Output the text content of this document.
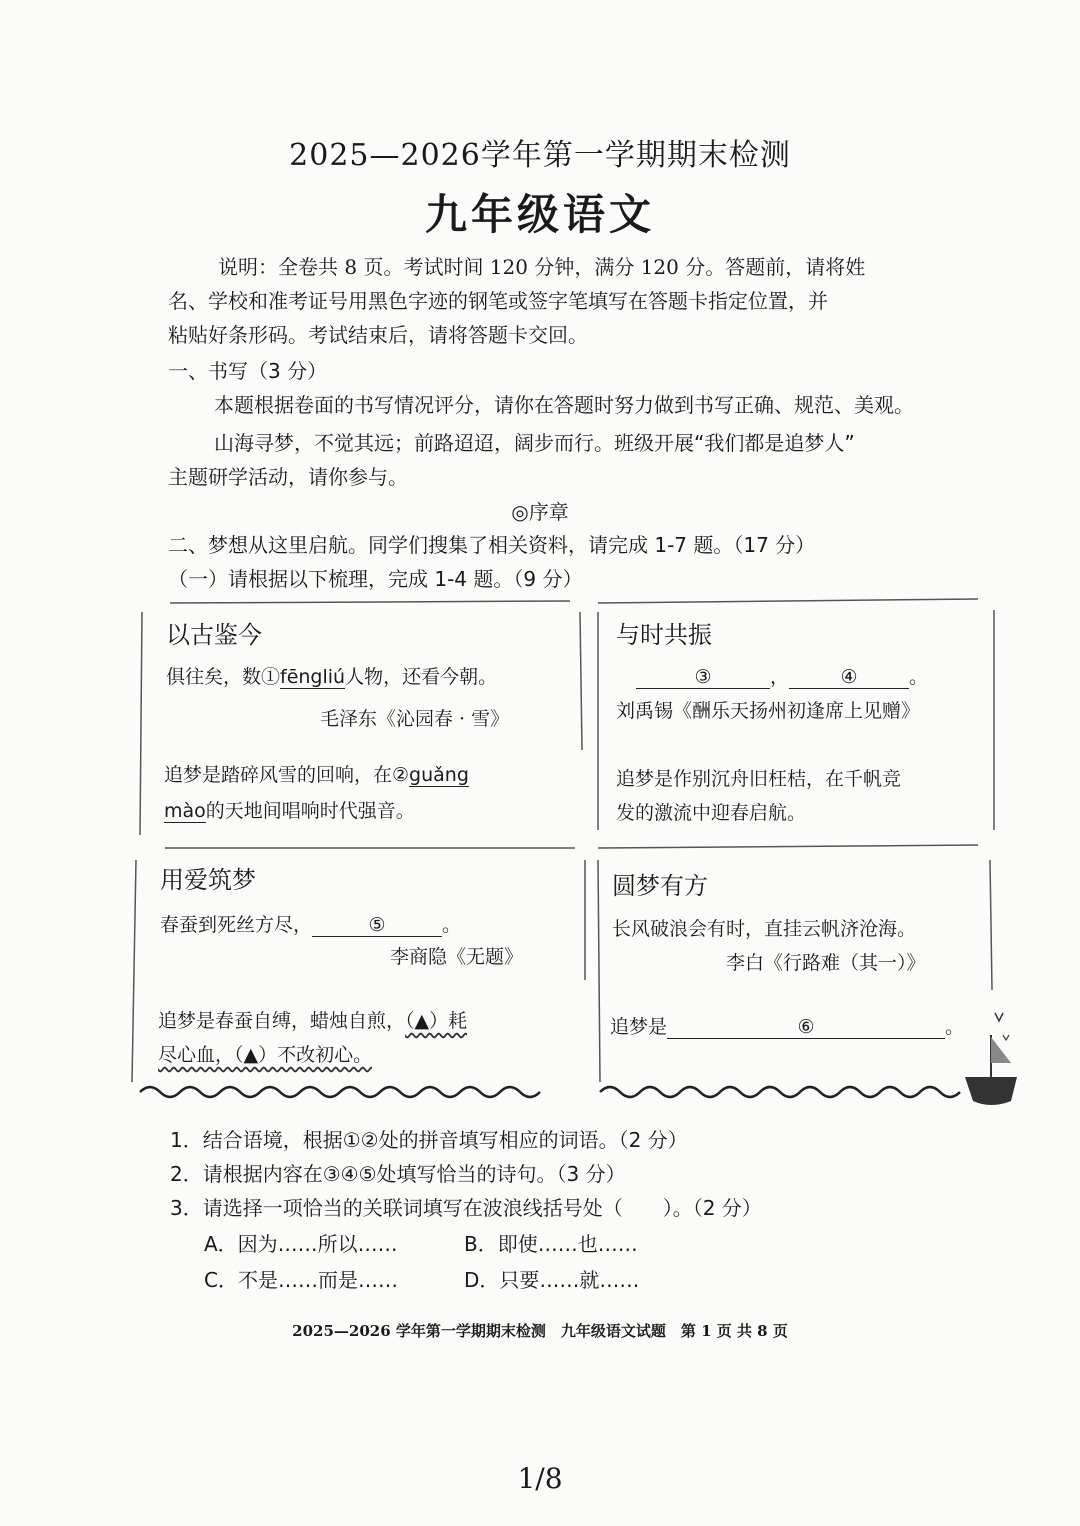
2025—2026学年第一学期期末检测
九年级语文
说明：全卷共 8 页。考试时间 120 分钟，满分 120 分。答题前，请将姓
名、学校和准考证号用黑色字迹的钢笔或签字笔填写在答题卡指定位置，并
粘贴好条形码。考试结束后，请将答题卡交回。
一、书写（3 分）
本题根据卷面的书写情况评分，请你在答题时努力做到书写正确、规范、美观。
山海寻梦，不觉其远；前路迢迢，阔步而行。班级开展“我们都是追梦人”
主题研学活动，请你参与。
◎序章
二、梦想从这里启航。同学们搜集了相关资料，请完成 1-7 题。（17 分）
（一）请根据以下梳理，完成 1-4 题。（9 分）
以古鉴今
俱往矣，数①fēngliú人物，还看今朝。
毛泽东《沁园春 · 雪》
追梦是踏碎风雪的回响，在②guǎng
mào的天地间唱响时代强音。
与时共振
③	，	④	。
刘禹锡《酬乐天扬州初逢席上见赠》
追梦是作别沉舟旧枉桔，在千帆竞
发的激流中迎春启航。
用爱筑梦
春蚕到死丝方尽，	⑤	。
李商隐《无题》
追梦是春蚕自缚，蜡烛自煎，（▲）耗
尽心血，（▲）不改初心。
圆梦有方
长风破浪会有时，直挂云帆济沧海。
李白《行路难（其一）》
追梦是	⑥	。
1．结合语境，根据①②处的拼音填写相应的词语。（2 分）
2．请根据内容在③④⑤处填写恰当的诗句。（3 分）
3．请选择一项恰当的关联词填写在波浪线括号处（　　）。（2 分）
A．因为……所以……	B．即使……也……
C．不是……而是……	D．只要……就……
2025—2026 学年第一学期期末检测　九年级语文试题　第 1 页 共 8 页
1/8
